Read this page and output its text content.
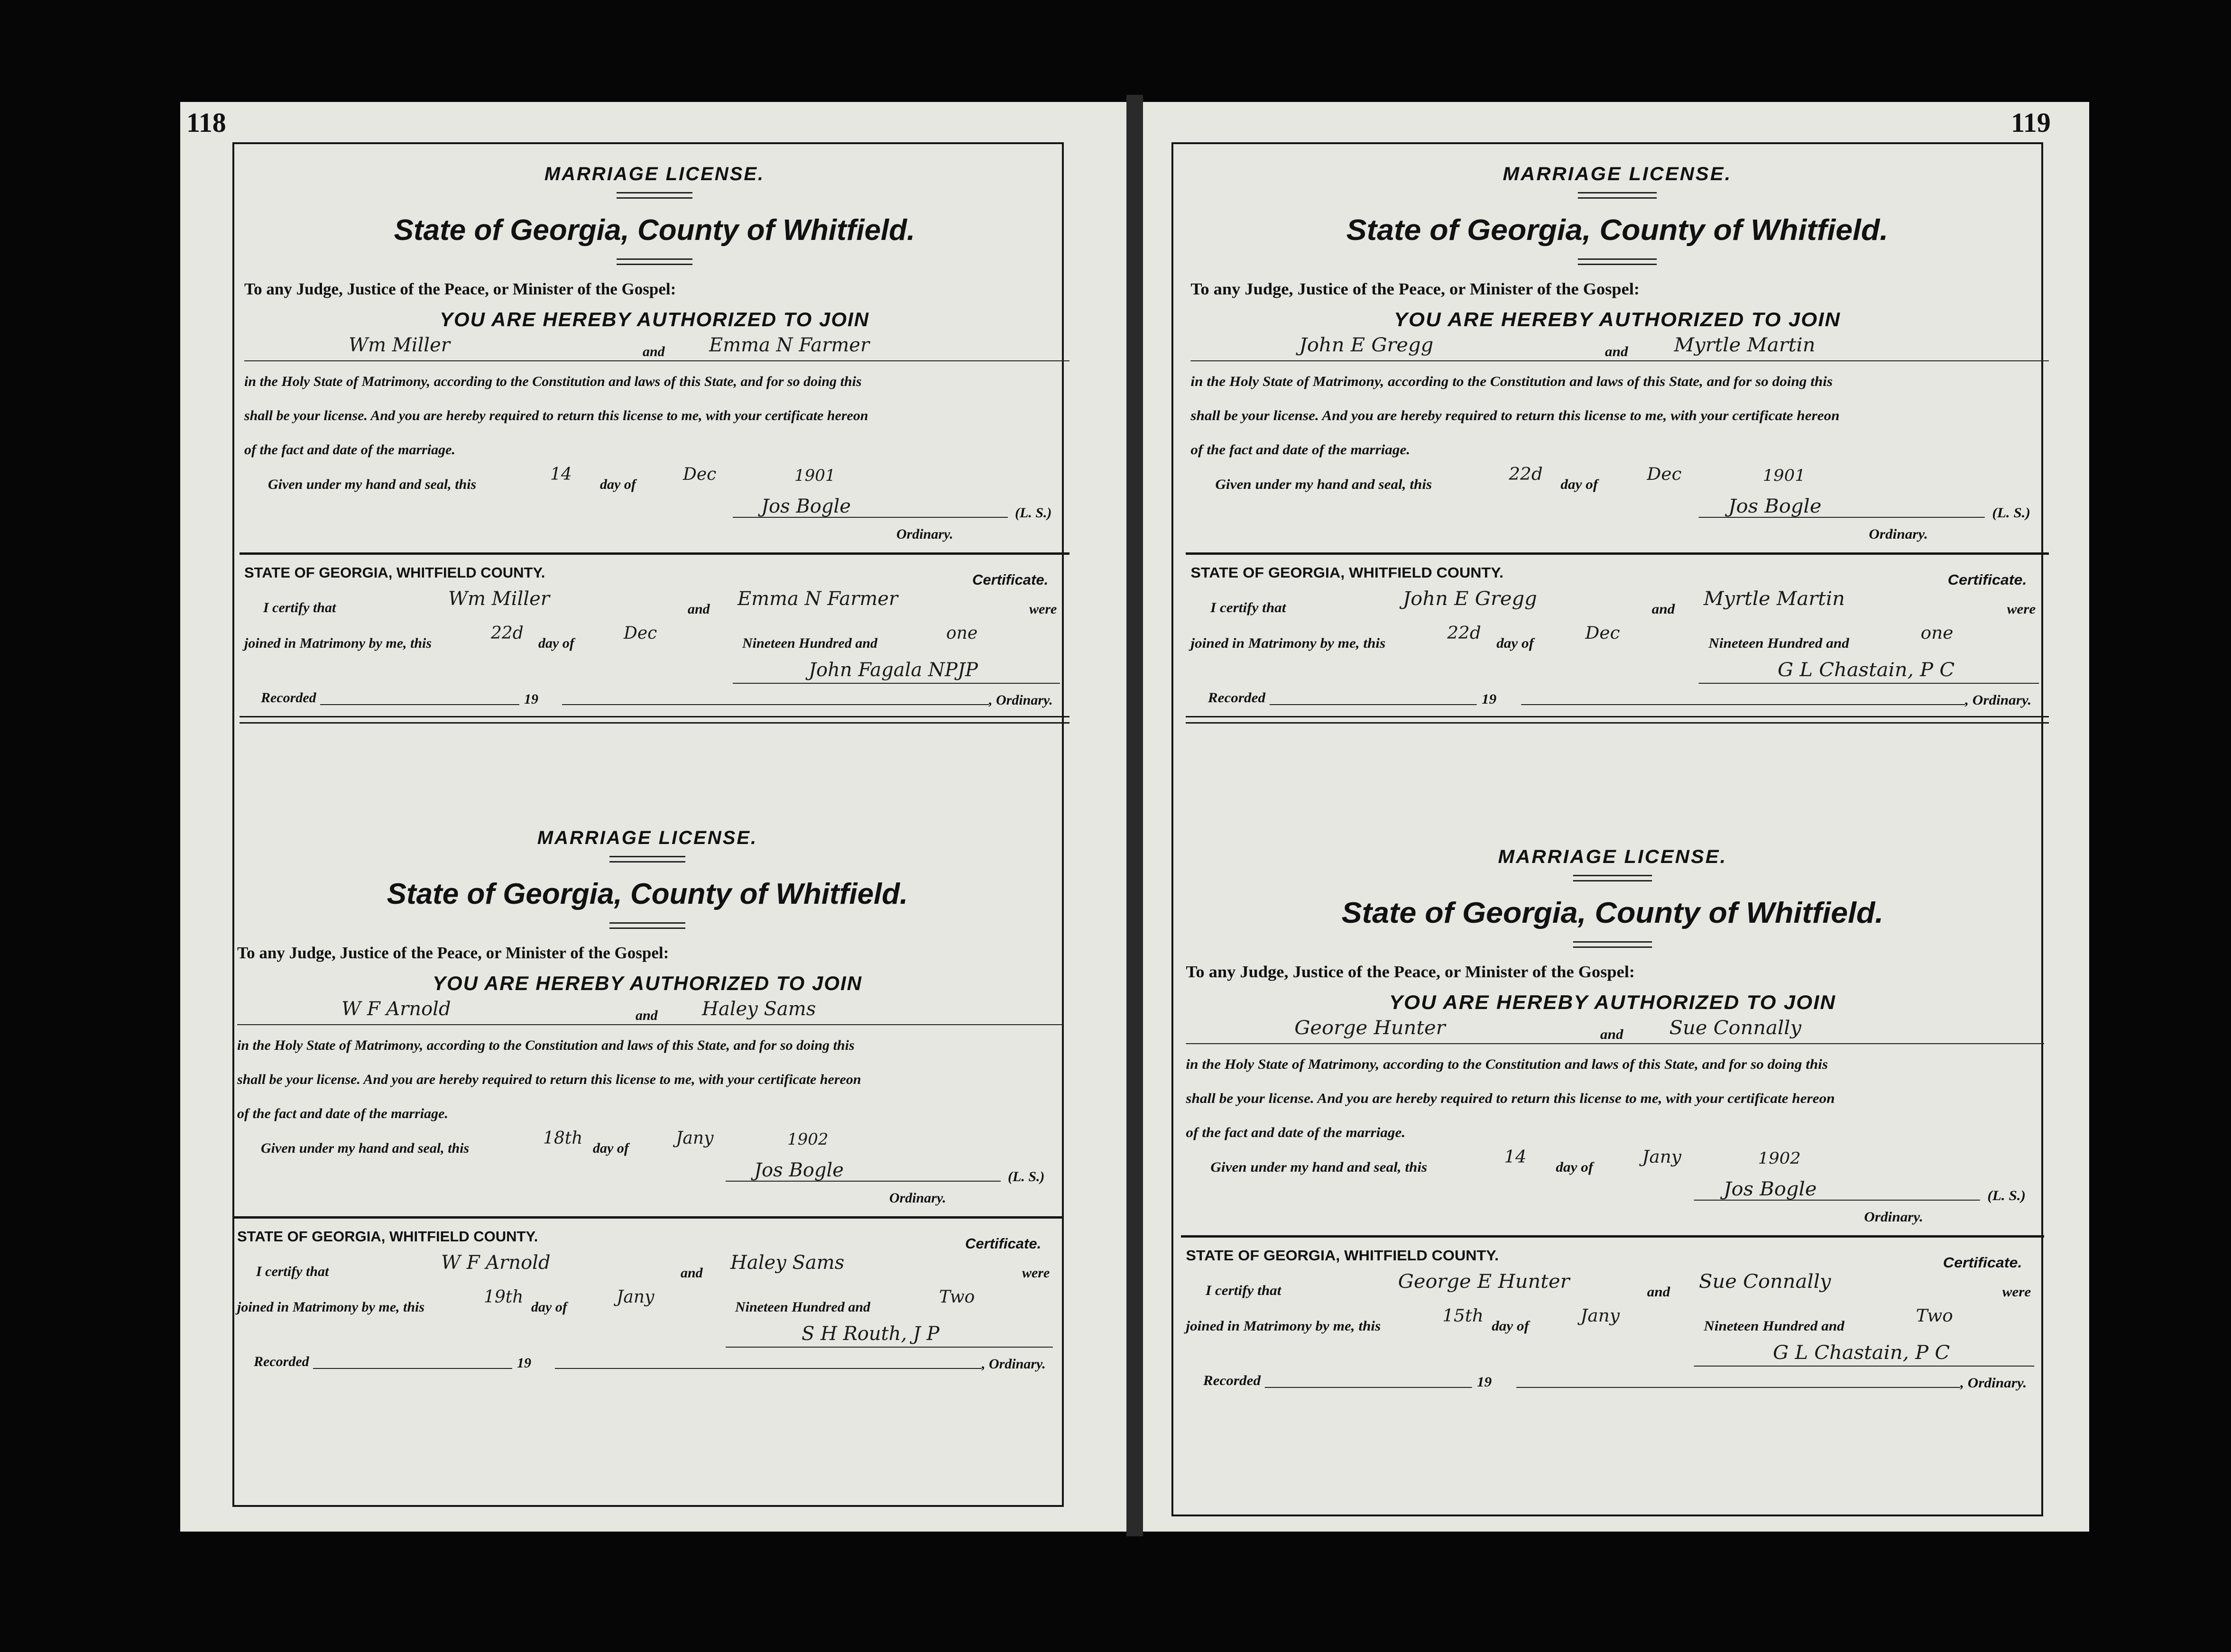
118	119
MARRIAGE LICENSE.
State of Georgia, County of Whitfield.
To any Judge, Justice of the Peace, or Minister of the Gospel:
YOU ARE HEREBY AUTHORIZED TO JOIN
Wm Miller	and Emma N Farmer
in the Holy State of Matrimony, according to the Constitution and laws of this State, and for so doing this
shall be your license. And you are hereby required to return this license to me, with your certificate hereon
of the fact and date of the marriage.
Given under my hand and seal, this
14
day of
Dec	1901
Jos Bogle	(L. S.)
Ordinary.
STATE OF GEORGIA, WHITFIELD COUNTY.	Certificate.
I certify that	Wm Miller	and Emma N Farmer	were
joined in Matrimony by me, this
22d
day of
Dec
Nineteen Hundred and
one
John Fagala NPJP
Recorded	19	, Ordinary.
MARRIAGE LICENSE.
State of Georgia, County of Whitfield.
To any Judge, Justice of the Peace, or Minister of the Gospel:
YOU ARE HEREBY AUTHORIZED TO JOIN
W F Arnold	and Haley Sams
in the Holy State of Matrimony, according to the Constitution and laws of this State, and for so doing this
shall be your license. And you are hereby required to return this license to me, with your certificate hereon
of the fact and date of the marriage.
Given under my hand and seal, this
18th
day of
Jany	1902
Jos Bogle	(L. S.)
Ordinary.
STATE OF GEORGIA, WHITFIELD COUNTY.	Certificate.
I certify that	W F Arnold	and Haley Sams	were
joined in Matrimony by me, this
19th
day of
Jany
Nineteen Hundred and
Two
S H Routh, J P
Recorded	19	, Ordinary.
MARRIAGE LICENSE.
State of Georgia, County of Whitfield.
To any Judge, Justice of the Peace, or Minister of the Gospel:
YOU ARE HEREBY AUTHORIZED TO JOIN
John E Gregg	and Myrtle Martin
in the Holy State of Matrimony, according to the Constitution and laws of this State, and for so doing this
shall be your license. And you are hereby required to return this license to me, with your certificate hereon
of the fact and date of the marriage.
Given under my hand and seal, this
22d
day of
Dec	1901
Jos Bogle	(L. S.)
Ordinary.
STATE OF GEORGIA, WHITFIELD COUNTY.	Certificate.
I certify that	John E Gregg	and Myrtle Martin	were
joined in Matrimony by me, this
22d
day of
Dec
Nineteen Hundred and
one
G L Chastain, P C
Recorded	19	, Ordinary.
MARRIAGE LICENSE.
State of Georgia, County of Whitfield.
To any Judge, Justice of the Peace, or Minister of the Gospel:
YOU ARE HEREBY AUTHORIZED TO JOIN
George Hunter	and Sue Connally
in the Holy State of Matrimony, according to the Constitution and laws of this State, and for so doing this
shall be your license. And you are hereby required to return this license to me, with your certificate hereon
of the fact and date of the marriage.
Given under my hand and seal, this
14
day of
Jany	1902
Jos Bogle	(L. S.)
Ordinary.
STATE OF GEORGIA, WHITFIELD COUNTY.	Certificate.
I certify that	George E Hunter	and Sue Connally	were
joined in Matrimony by me, this
15th
day of
Jany
Nineteen Hundred and
Two
G L Chastain, P C
Recorded	19	, Ordinary.
